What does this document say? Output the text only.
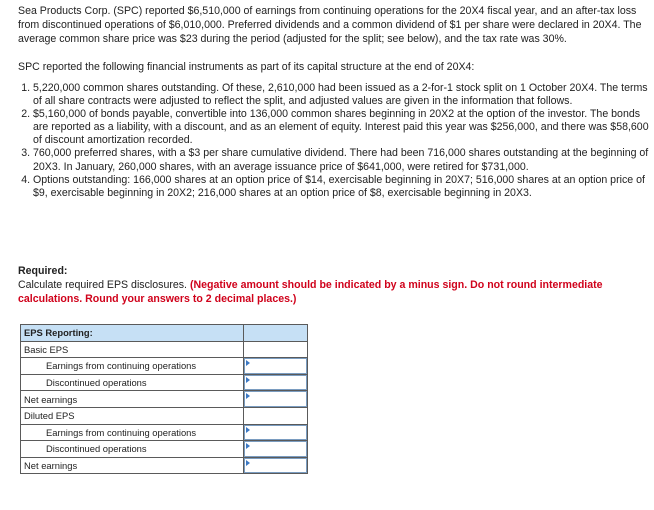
Sea Products Corp. (SPC) reported $6,510,000 of earnings from continuing operations for the 20X4 fiscal year, and an after-tax loss from discontinued operations of $6,010,000. Preferred dividends and a common dividend of $1 per share were declared in 20X4. The average common share price was $23 during the period (adjusted for the split; see below), and the tax rate was 30%.

SPC reported the following financial instruments as part of its capital structure at the end of 20X4:

1. 5,220,000 common shares outstanding. Of these, 2,610,000 had been issued as a 2-for-1 stock split on 1 October 20X4. The terms of all share contracts were adjusted to reflect the split, and adjusted values are given in the information that follows.
2. $5,160,000 of bonds payable, convertible into 136,000 common shares beginning in 20X2 at the option of the investor. The bonds are reported as a liability, with a discount, and as an element of equity. Interest paid this year was $256,000, and there was $58,600 of discount amortization recorded.
3. 760,000 preferred shares, with a $3 per share cumulative dividend. There had been 716,000 shares outstanding at the beginning of 20X3. In January, 260,000 shares, with an average issuance price of $641,000, were retired for $731,000.
4. Options outstanding: 166,000 shares at an option price of $14, exercisable beginning in 20X7; 516,000 shares at an option price of $9, exercisable beginning in 20X2; 216,000 shares at an option price of $8, exercisable beginning in 20X3.

Required:

Calculate required EPS disclosures. (Negative amount should be indicated by a minus sign. Do not round intermediate calculations. Round your answers to 2 decimal places.)

EPS Reporting:	
Basic EPS	
Earnings from continuing operations	

Discontinued operations	

Net earnings	

Diluted EPS	
Earnings from continuing operations	

Discontinued operations	

Net earnings	
